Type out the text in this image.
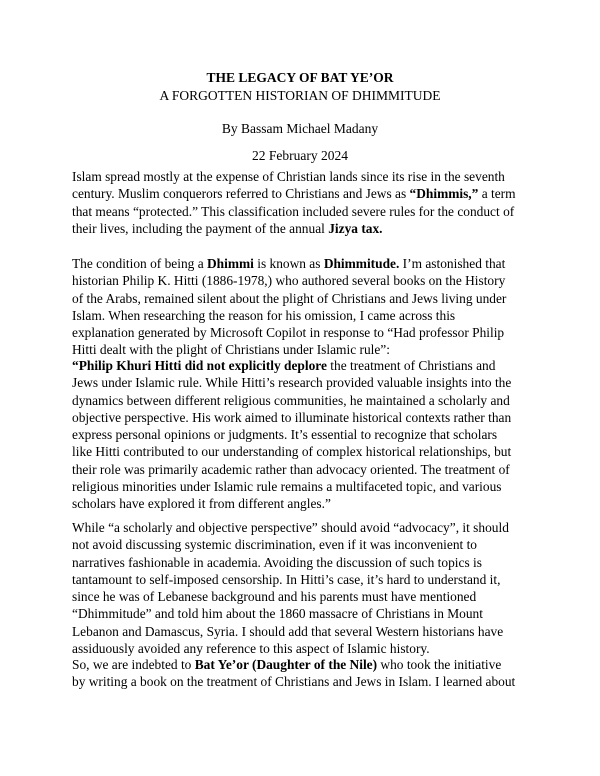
THE LEGACY OF BAT YE’OR
A FORGOTTEN HISTORIAN OF DHIMMITUDE
By Bassam Michael Madany
22 February 2024
Islam spread mostly at the expense of Christian lands since its rise in the seventh
century. Muslim conquerors referred to Christians and Jews as “Dhimmis,” a term
that means “protected.” This classification included severe rules for the conduct of
their lives, including the payment of the annual Jizya tax.
The condition of being a Dhimmi is known as Dhimmitude. I’m astonished that
historian Philip K. Hitti (1886-1978,) who authored several books on the History
of the Arabs, remained silent about the plight of Christians and Jews living under
Islam. When researching the reason for his omission, I came across this
explanation generated by Microsoft Copilot in response to “Had professor Philip
Hitti dealt with the plight of Christians under Islamic rule”:
“Philip Khuri Hitti did not explicitly deplore the treatment of Christians and
Jews under Islamic rule. While Hitti’s research provided valuable insights into the
dynamics between different religious communities, he maintained a scholarly and
objective perspective. His work aimed to illuminate historical contexts rather than
express personal opinions or judgments. It’s essential to recognize that scholars
like Hitti contributed to our understanding of complex historical relationships, but
their role was primarily academic rather than advocacy oriented. The treatment of
religious minorities under Islamic rule remains a multifaceted topic, and various
scholars have explored it from different angles.”
While “a scholarly and objective perspective” should avoid “advocacy”, it should
not avoid discussing systemic discrimination, even if it was inconvenient to
narratives fashionable in academia. Avoiding the discussion of such topics is
tantamount to self-imposed censorship. In Hitti’s case, it’s hard to understand it,
since he was of Lebanese background and his parents must have mentioned
“Dhimmitude” and told him about the 1860 massacre of Christians in Mount
Lebanon and Damascus, Syria. I should add that several Western historians have
assiduously avoided any reference to this aspect of Islamic history.
So, we are indebted to Bat Ye’or (Daughter of the Nile) who took the initiative
by writing a book on the treatment of Christians and Jews in Islam. I learned about
